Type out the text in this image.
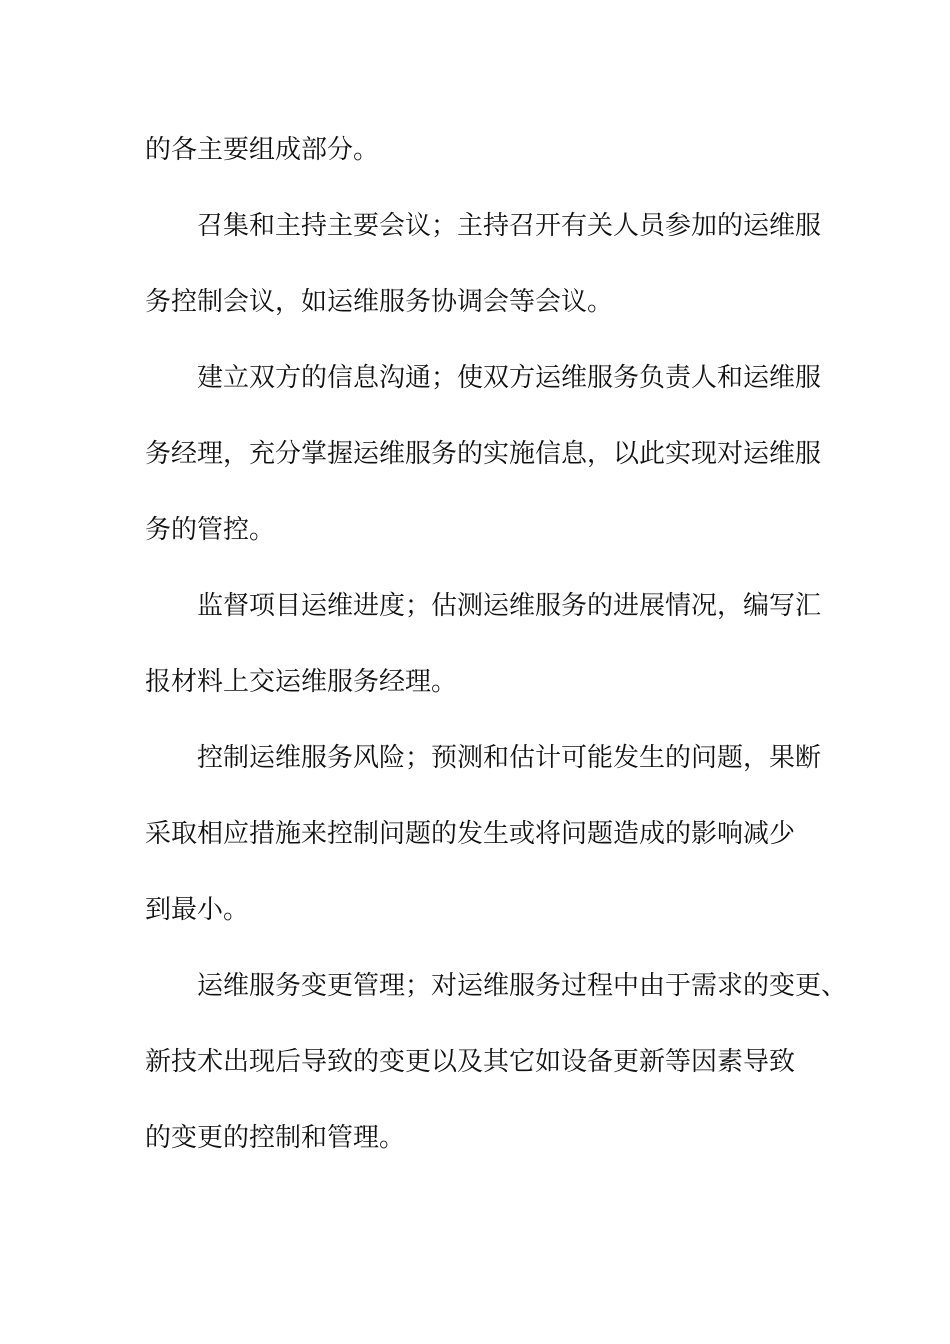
的各主要组成部分。
召集和主持主要会议；主持召开有关人员参加的运维服
务控制会议，如运维服务协调会等会议。
建立双方的信息沟通；使双方运维服务负责人和运维服
务经理，充分掌握运维服务的实施信息，以此实现对运维服
务的管控。
监督项目运维进度；估测运维服务的进展情况，编写汇
报材料上交运维服务经理。
控制运维服务风险；预测和估计可能发生的问题，果断
采取相应措施来控制问题的发生或将问题造成的影响减少
到最小。
运维服务变更管理；对运维服务过程中由于需求的变更、
新技术出现后导致的变更以及其它如设备更新等因素导致
的变更的控制和管理。
